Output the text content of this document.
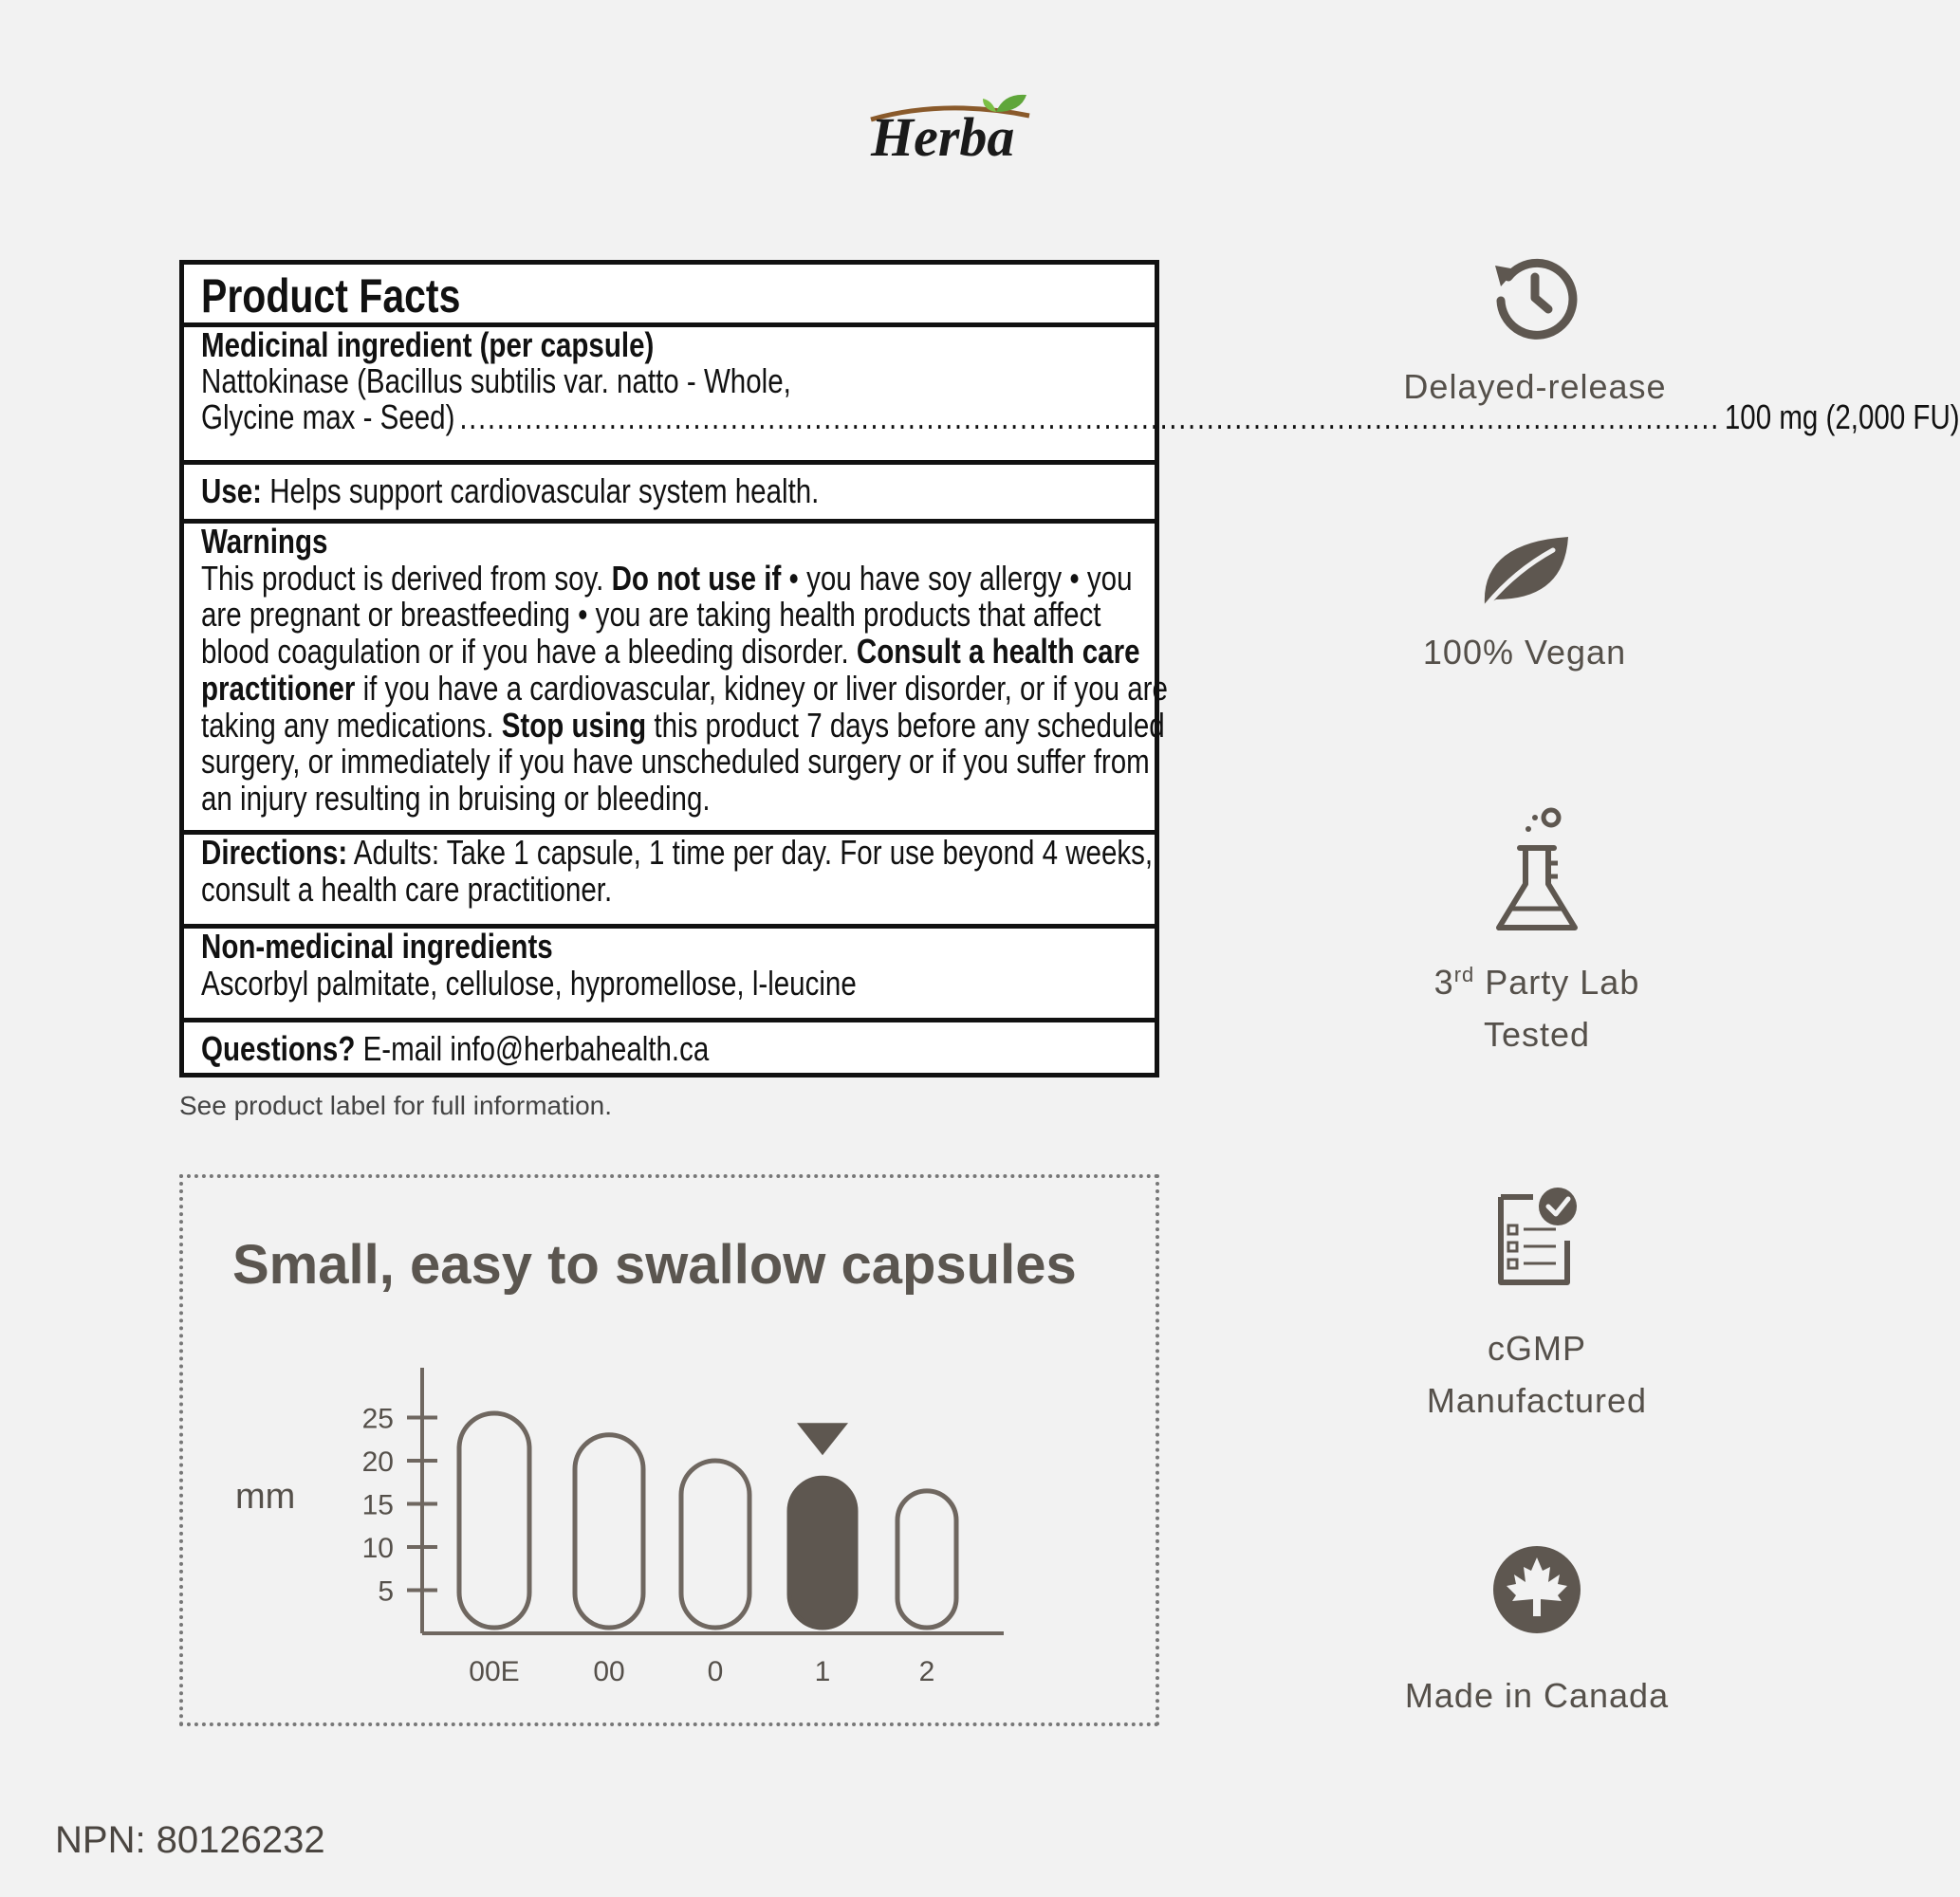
Herba
Product Facts
Medicinal ingredient (per capsule)
Nattokinase (Bacillus subtilis var. natto - Whole,
Glycine max - Seed) ....................................................................................................................................... 100 mg (2,000 FU)
Use: Helps support cardiovascular system health.
Warnings
This product is derived from soy. Do not use if • you have soy allergy • you
are pregnant or breastfeeding • you are taking health products that affect
blood coagulation or if you have a bleeding disorder. Consult a health care
practitioner if you have a cardiovascular, kidney or liver disorder, or if you are
taking any medications. Stop using this product 7 days before any scheduled
surgery, or immediately if you have unscheduled surgery or if you suffer from
an injury resulting in bruising or bleeding.
Directions: Adults: Take 1 capsule, 1 time per day. For use beyond 4 weeks,
consult a health care practitioner.
Non-medicinal ingredients
Ascorbyl palmitate, cellulose, hypromellose, l-leucine
Questions? E-mail info@herbahealth.ca
See product label for full information.
Small, easy to swallow capsules
mm
5
10
15
20
25
00E	00	0	1	2
Delayed-release
100% Vegan
3rd Party Lab
Tested
cGMP
Manufactured
Made in Canada
NPN: 80126232
